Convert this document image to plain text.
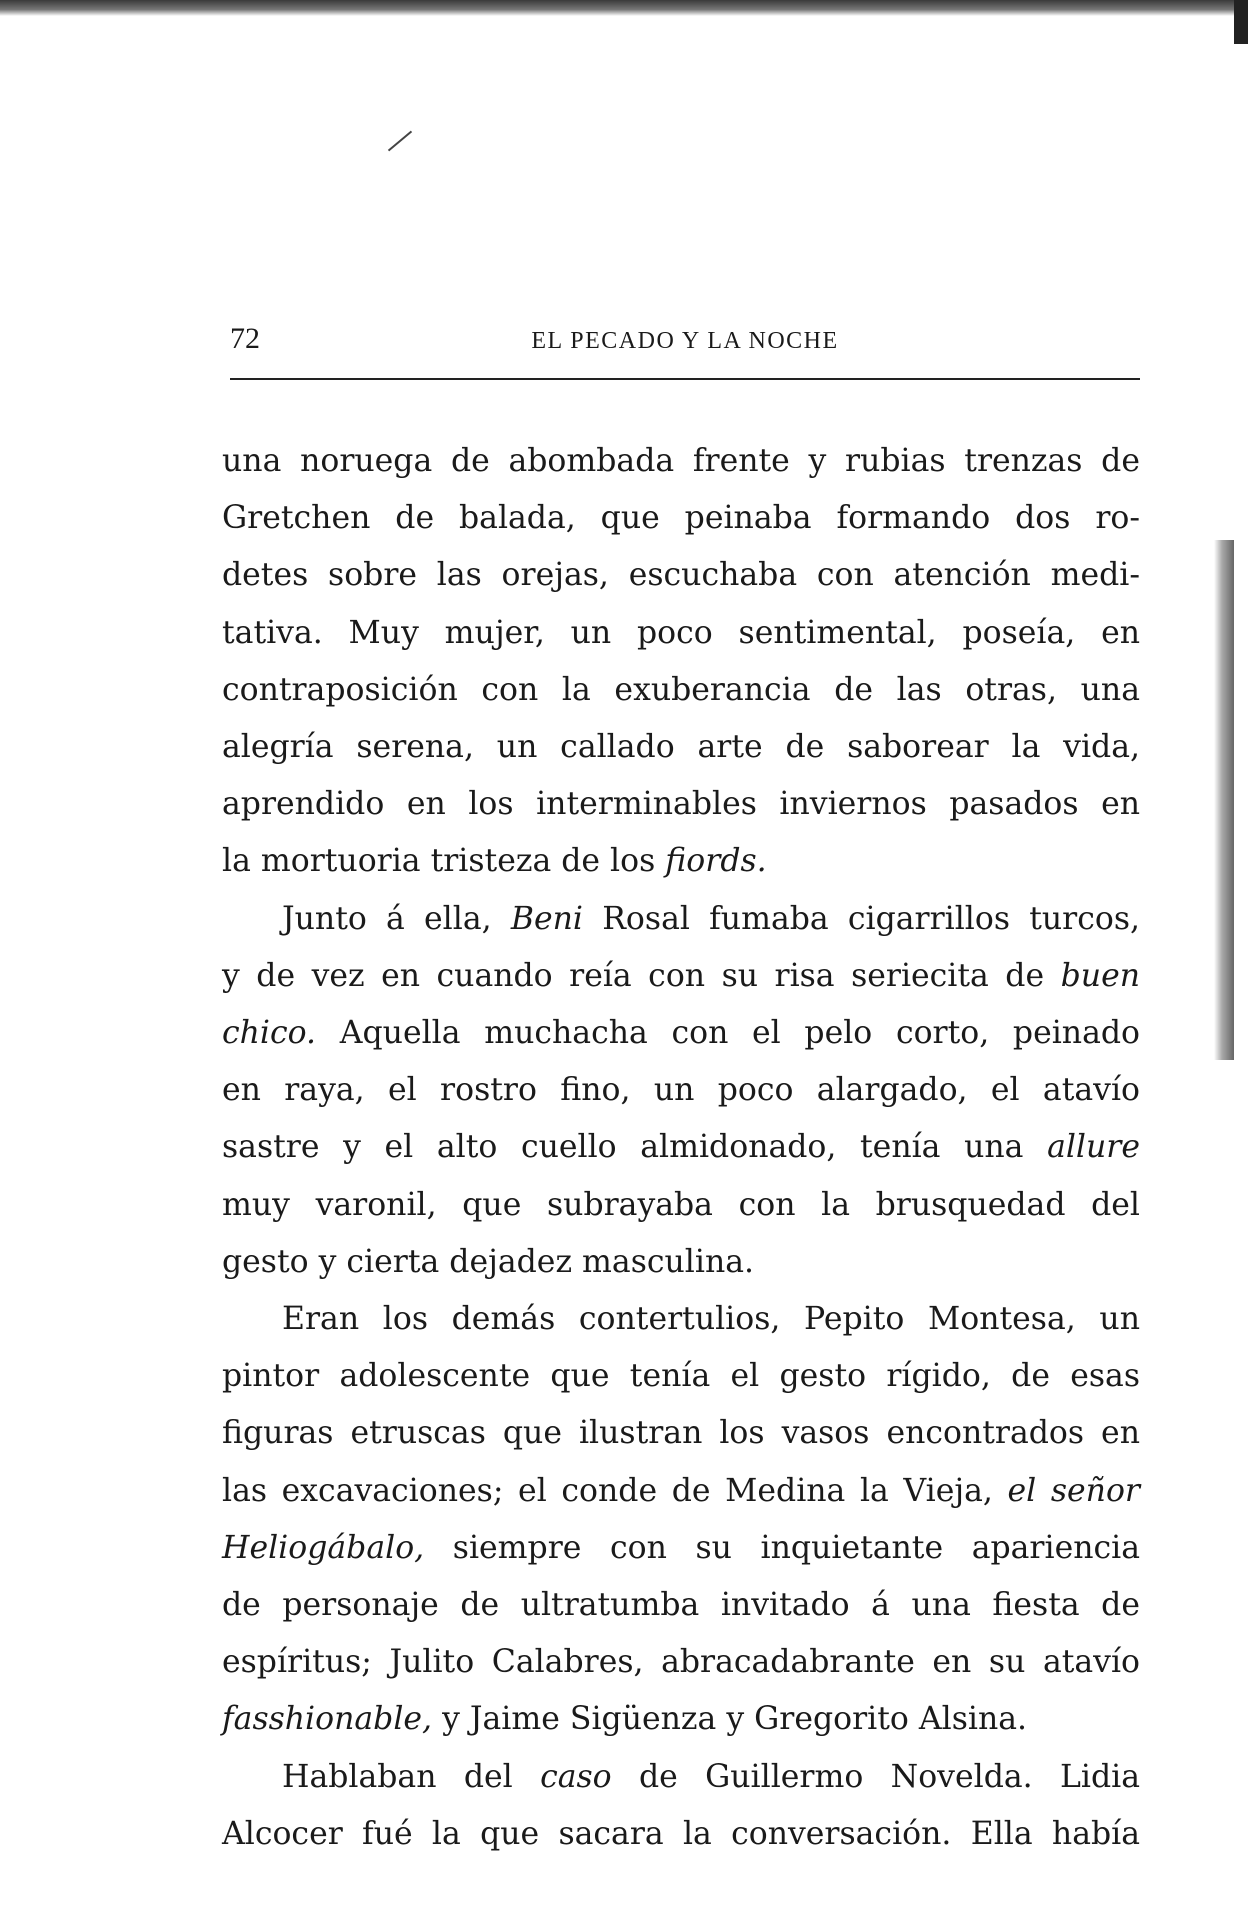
72	EL PECADO Y LA NOCHE

una noruega de abombada frente y rubias trenzas de

Gretchen de balada, que peinaba formando dos ro-

detes sobre las orejas, escuchaba con atención medi-

tativa. Muy mujer, un poco sentimental, poseía, en

contraposición con la exuberancia de las otras, una

alegría serena, un callado arte de saborear la vida,

aprendido en los interminables inviernos pasados en

la mortuoria tristeza de los fiords.

Junto á ella, Beni Rosal fumaba cigarrillos turcos,

y de vez en cuando reía con su risa seriecita de buen

chico. Aquella muchacha con el pelo corto, peinado

en raya, el rostro fino, un poco alargado, el atavío

sastre y el alto cuello almidonado, tenía una allure

muy varonil, que subrayaba con la brusquedad del

gesto y cierta dejadez masculina.

Eran los demás contertulios, Pepito Montesa, un

pintor adolescente que tenía el gesto rígido, de esas

figuras etruscas que ilustran los vasos encontrados en

las excavaciones; el conde de Medina la Vieja, el señor

Heliogábalo, siempre con su inquietante apariencia

de personaje de ultratumba invitado á una fiesta de

espíritus; Julito Calabres, abracadabrante en su atavío

fasshionable, y Jaime Sigüenza y Gregorito Alsina.

Hablaban del caso de Guillermo Novelda. Lidia

Alcocer fué la que sacara la conversación. Ella había
